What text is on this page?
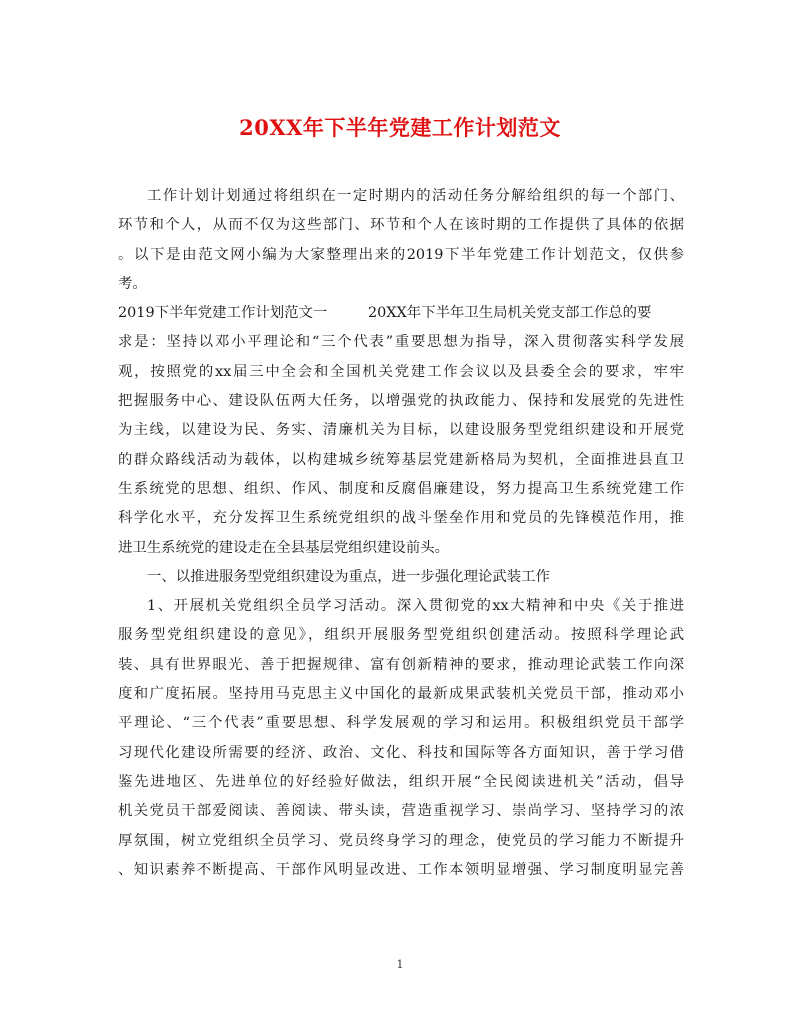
20XX年下半年党建工作计划范文
工作计划计划通过将组织在一定时期内的活动任务分解给组织的每一个部门、
环节和个人，从而不仅为这些部门、环节和个人在该时期的工作提供了具体的依据
。以下是由范文网小编为大家整理出来的2019下半年党建工作计划范文，仅供参
考。
2019下半年党建工作计划范文一	20XX年下半年卫生局机关党支部工作总的要
求是：坚持以邓小平理论和“三个代表”重要思想为指导，深入贯彻落实科学发展
观，按照党的xx届三中全会和全国机关党建工作会议以及县委全会的要求，牢牢
把握服务中心、建设队伍两大任务，以增强党的执政能力、保持和发展党的先进性
为主线，以建设为民、务实、清廉机关为目标，以建设服务型党组织建设和开展党
的群众路线活动为载体，以构建城乡统筹基层党建新格局为契机，全面推进县直卫
生系统党的思想、组织、作风、制度和反腐倡廉建设，努力提高卫生系统党建工作
科学化水平，充分发挥卫生系统党组织的战斗堡垒作用和党员的先锋模范作用，推
进卫生系统党的建设走在全县基层党组织建设前头。
一、以推进服务型党组织建设为重点，进一步强化理论武装工作
1、开展机关党组织全员学习活动。深入贯彻党的xx大精神和中央《关于推进
服务型党组织建设的意见》，组织开展服务型党组织创建活动。按照科学理论武
装、具有世界眼光、善于把握规律、富有创新精神的要求，推动理论武装工作向深
度和广度拓展。坚持用马克思主义中国化的最新成果武装机关党员干部，推动邓小
平理论、“三个代表”重要思想、科学发展观的学习和运用。积极组织党员干部学
习现代化建设所需要的经济、政治、文化、科技和国际等各方面知识，善于学习借
鉴先进地区、先进单位的好经验好做法，组织开展“全民阅读进机关”活动，倡导
机关党员干部爱阅读、善阅读、带头读，营造重视学习、崇尚学习、坚持学习的浓
厚氛围，树立党组织全员学习、党员终身学习的理念，使党员的学习能力不断提升
、知识素养不断提高、干部作风明显改进、工作本领明显增强、学习制度明显完善
1
